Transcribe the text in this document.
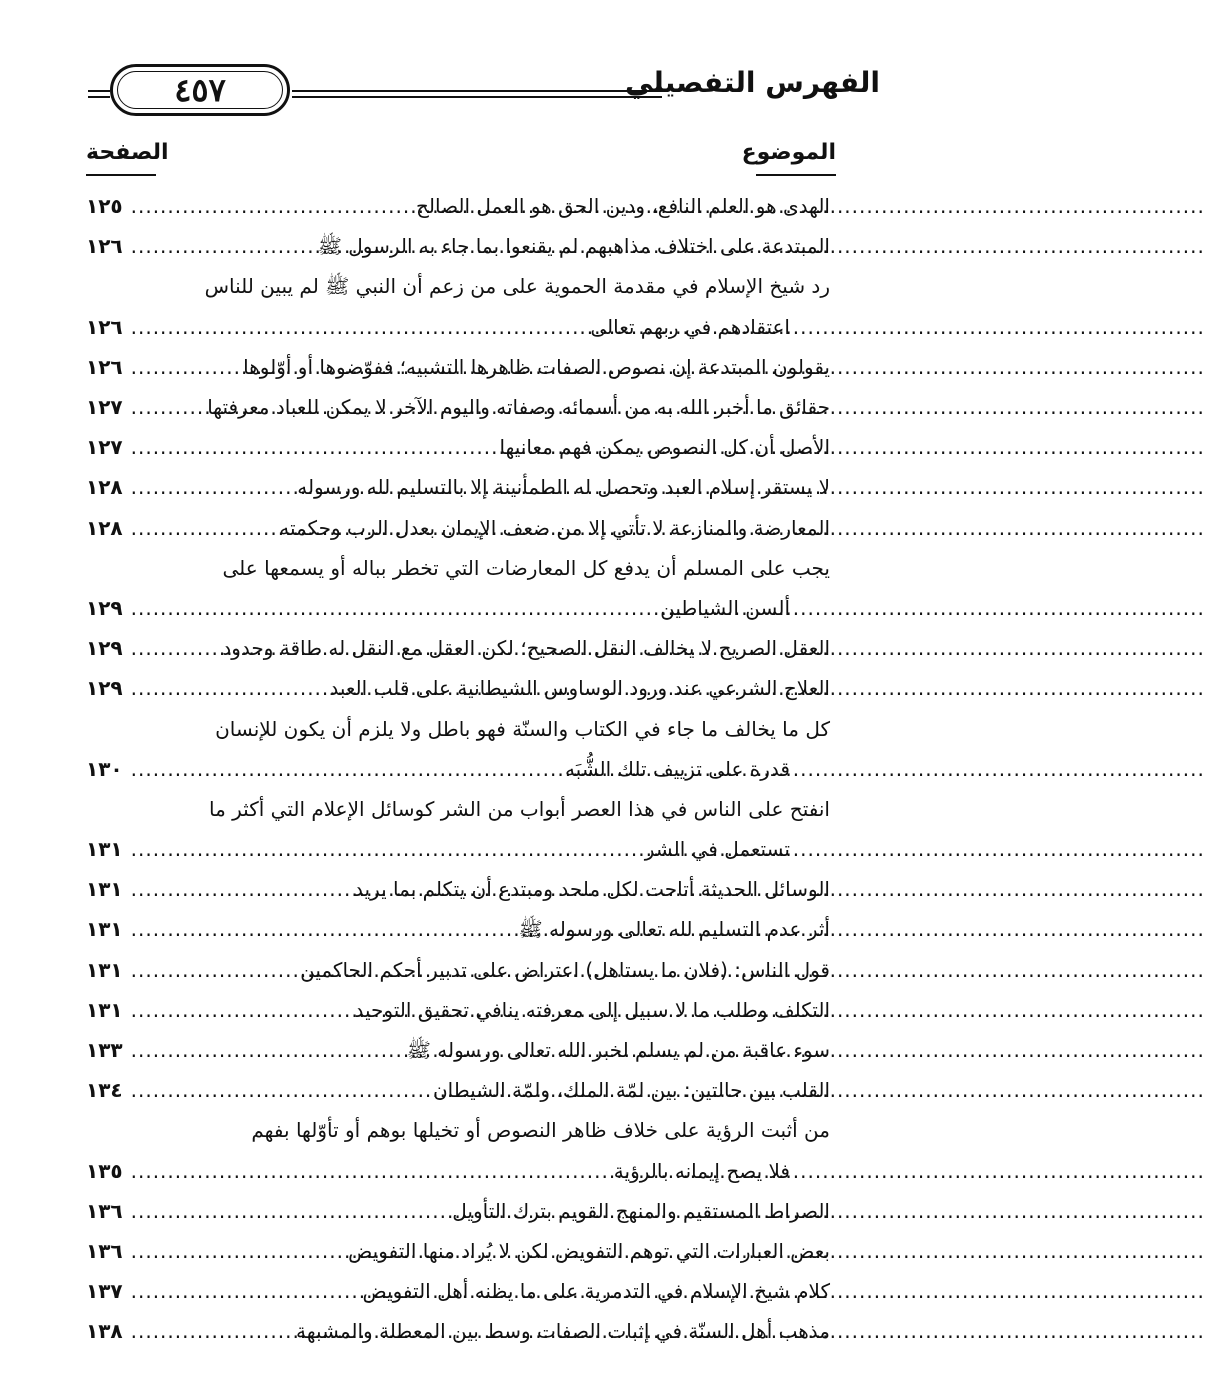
٤٥٧	الفهرس التفصيلي
الموضوع
الصفحة
الهدى هو العلم النافع، ودين الحق هو العمل الصالح
.....
١٢٥
المبتدعة على اختلاف مذاهبهم لم يقنعوا بما جاء به الرسول ﷺ
.....
١٢٦
رد شيخ الإسلام في مقدمة الحموية على من زعم أن النبي ﷺ لم يبين للناس
اعتقادهم في ربهم تعالى
.....
١٢٦
يقولون المبتدعة إن نصوص الصفات ظاهرها التشبيه؛ ففوّضوها أو أوّلوها
.....
١٢٦
حقائق ما أخبر الله به من أسمائه وصفاته واليوم الآخر لا يمكن للعباد معرفتها
.....
١٢٧
الأصل أن كل النصوص يمكن فهم معانيها
.....
١٢٧
لا يستقر إسلام العبد وتحصل له الطمأنينة إلا بالتسليم لله ورسوله
.....
١٢٨
المعارضة والمنازعة لا تأتي إلا من ضعف الإيمان بعدل الرب وحكمته
.....
١٢٨
يجب على المسلم أن يدفع كل المعارضات التي تخطر بباله أو يسمعها على
ألسن الشياطين
.....
١٢٩
العقل الصريح لا يخالف النقل الصحيح؛ لكن العقل مع النقل له طاقة وحدود
.....
١٢٩
العلاج الشرعي عند ورود الوساوس الشيطانية على قلب العبد
.....
١٢٩
كل ما يخالف ما جاء في الكتاب والسنّة فهو باطل ولا يلزم أن يكون للإنسان
قدرة على تزييف تلك الشُّبَه
.....
١٣٠
انفتح على الناس في هذا العصر أبواب من الشر كوسائل الإعلام التي أكثر ما
تستعمل في الشر
.....
١٣١
الوسائل الحديثة أتاحت لكل ملحد ومبتدع أن يتكلم بما يريد
.....
١٣١
أثر عدم التسليم لله تعالى ورسوله ﷺ
.....
١٣١
قول الناس: (فلان ما يستاهل) اعتراض على تدبير أحكم الحاكمين
.....
١٣١
التكلف وطلب ما لا سبيل إلى معرفته ينافي تحقيق التوحيد
.....
١٣١
سوء عاقبة من لم يسلم لخبر الله تعالى ورسوله ﷺ
.....
١٣٣
القلب بين حالتين: بين لمّة الملك، ولمّة الشيطان
.....
١٣٤
من أثبت الرؤية على خلاف ظاهر النصوص أو تخيلها بوهم أو تأوّلها بفهم
فلا يصح إيمانه بالرؤية
.....
١٣٥
الصراط المستقيم والمنهج القويم بترك التأويل
.....
١٣٦
بعض العبارات التي توهم التفويض لكن لا يُراد منها التفويض
.....
١٣٦
كلام شيخ الإسلام في التدمرية على ما يظنه أهل التفويض
.....
١٣٧
مذهب أهل السنّة في إثبات الصفات وسط بين المعطلة والمشبهة
.....
١٣٨
